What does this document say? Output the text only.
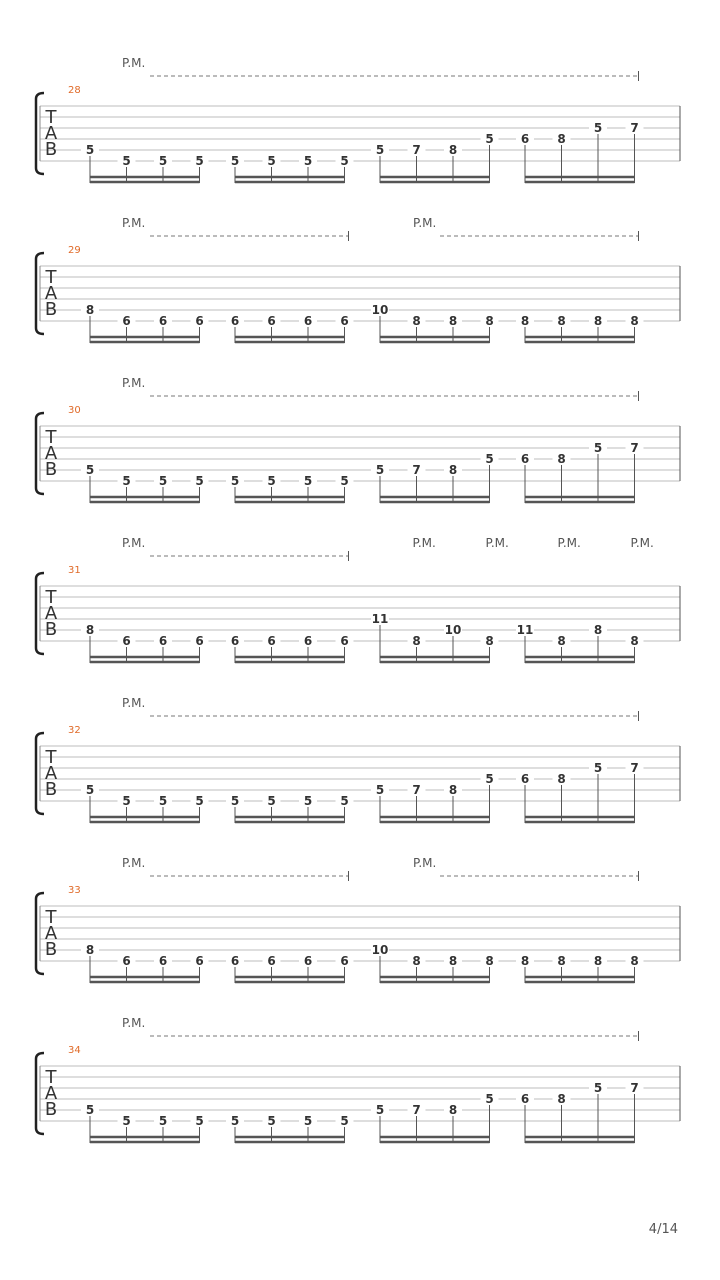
28
T
A
B
P.M.
5
5 5 5 5 5 5 5
5 7 8
5 6 8
5 7
29
T
A
B
P.M.	P.M.
8
6 6 6 6 6 6 6
10
8 8 8 8 8 8 8
30
T
A
B
P.M.
5
5 5 5 5 5 5 5
5 7 8
5 6 8
5 7
31
T
A
B
P.M.	P.M.	P.M.	P.M.	P.M.
8
6 6 6 6 6 6 6
11
8
10
8
11
8
8
8
32
T
A
B
P.M.
5
5 5 5 5 5 5 5
5 7 8
5 6 8
5 7
33
T
A
B
P.M.	P.M.
8
6 6 6 6 6 6 6
10
8 8 8 8 8 8 8
34
T
A
B
P.M.
5
5 5 5 5 5 5 5
5 7 8
5 6 8
5 7
4/14
